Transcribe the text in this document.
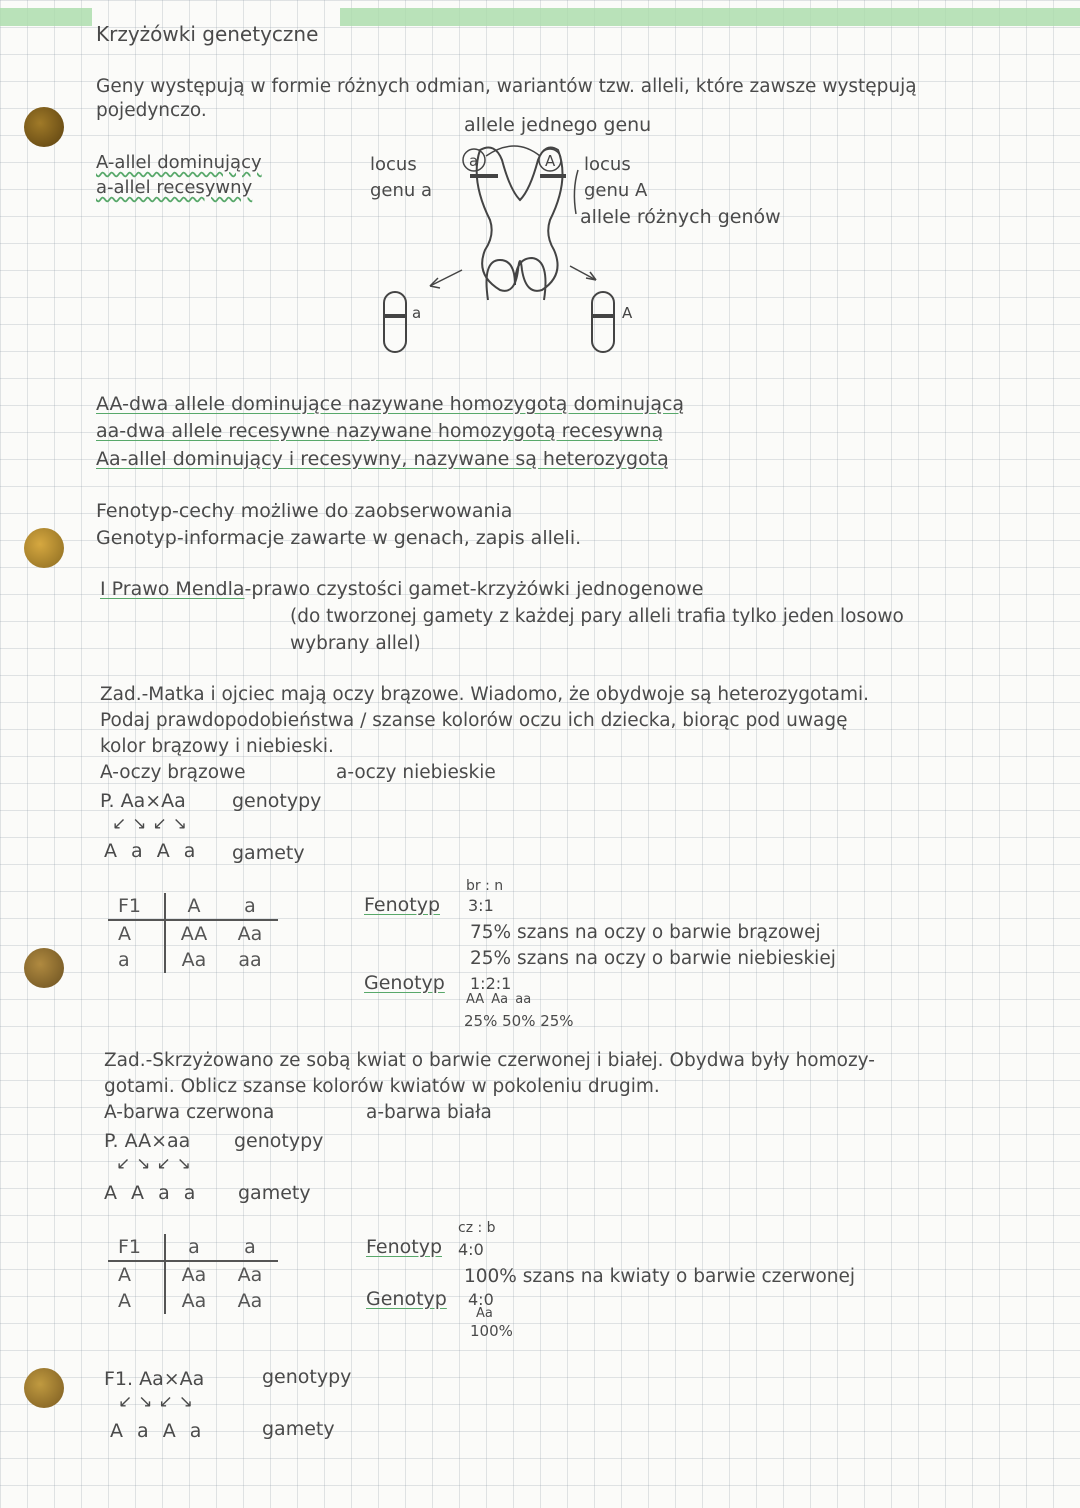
Krzyżówki genetyczne
Geny występują w formie różnych odmian, wariantów tzw. alleli, które zawsze występują
pojedynczo.
A-allel dominujący
a-allel recesywny
allele jednego genu
locus
genu a
locus
genu A
allele różnych genów
a	A
a	A
AA-dwa allele dominujące nazywane homozygotą dominującą
aa-dwa allele recesywne nazywane homozygotą recesywną
Aa-allel dominujący i recesywny, nazywane są heterozygotą
Fenotyp-cechy możliwe do zaobserwowania
Genotyp-informacje zawarte w genach, zapis alleli.
I Prawo Mendla-prawo czystości gamet-krzyżówki jednogenowe
(do tworzonej gamety z każdej pary alleli trafia tylko jeden losowo
wybrany allel)
Zad.-Matka i ojciec mają oczy brązowe. Wiadomo, że obydwoje są heterozygotami.
Podaj prawdopodobieństwa / szanse kolorów oczu ich dziecka, biorąc pod uwagę
kolor brązowy i niebieski.
A-oczy brązowe	a-oczy niebieskie
P. Aa×Aa genotypy
↙↘↙↘
A a A a gamety
F1	A	a
A	AA	Aa
a	Aa	aa
br : n
Fenotyp 3:1
75% szans na oczy o barwie brązowej
25% szans na oczy o barwie niebieskiej
Genotyp 1:2:1
AA Aa aa
25% 50% 25%
Zad.-Skrzyżowano ze sobą kwiat o barwie czerwonej i białej. Obydwa były homozy-
gotami. Oblicz szanse kolorów kwiatów w pokoleniu drugim.
A-barwa czerwona	a-barwa biała
P. AA×aa genotypy
↙↘↙↘
A A a a gamety
F1	a	a
A	Aa	Aa
A	Aa	Aa
cz : b
Fenotyp 4:0
100% szans na kwiaty o barwie czerwonej
Genotyp 4:0
Aa
100%
F1. Aa×Aa	genotypy
↙↘↙↘
A a A a	gamety
